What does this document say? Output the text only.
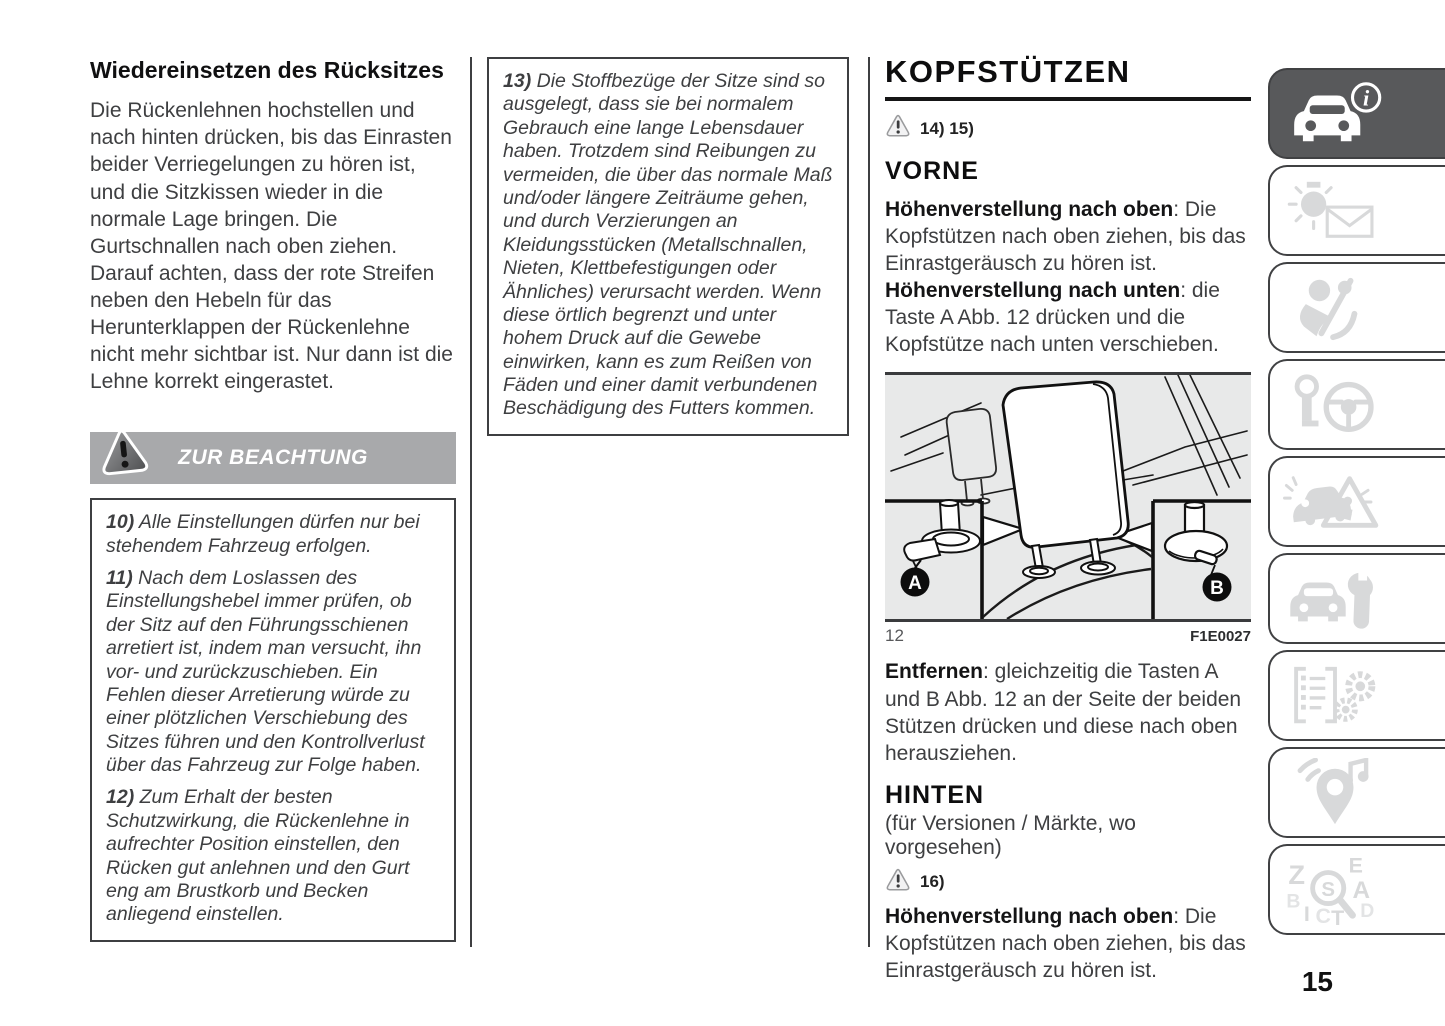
Wiedereinsetzen des Rücksitzes

Die Rückenlehnen hochstellen und nach hinten drücken, bis das Einrasten beider Verriegelungen zu hören ist, und die Sitzkissen wieder in die normale Lage bringen. Die Gurtschnallen nach oben ziehen. Darauf achten, dass der rote Streifen neben den Hebeln für das Herunterklappen der Rückenlehne nicht mehr sichtbar ist. Nur dann ist die Lehne korrekt eingerastet.

ZUR BEACHTUNG

10) Alle Einstellungen dürfen nur bei stehendem Fahrzeug erfolgen.

11) Nach dem Loslassen des Einstellungshebel immer prüfen, ob der Sitz auf den Führungsschienen arretiert ist, indem man versucht, ihn vor- und zurückzuschieben. Ein Fehlen dieser Arretierung würde zu einer plötzlichen Verschiebung des Sitzes führen und den Kontrollverlust über das Fahrzeug zur Folge haben.

12) Zum Erhalt der besten Schutzwirkung, die Rückenlehne in aufrechter Position einstellen, den Rücken gut anlehnen und den Gurt eng am Brustkorb und Becken anliegend einstellen.

13) Die Stoffbezüge der Sitze sind so ausgelegt, dass sie bei normalem Gebrauch eine lange Lebensdauer haben. Trotzdem sind Reibungen zu vermeiden, die über das normale Maß und/oder längere Zeiträume gehen, und durch Verzierungen an Kleidungsstücken (Metallschnallen, Nieten, Klettbefestigungen oder Ähnliches) verursacht werden. Wenn diese örtlich begrenzt und unter hohem Druck auf die Gewebe einwirken, kann es zum Reißen von Fäden und einer damit verbundenen Beschädigung des Futters kommen.

KOPFSTÜTZEN
14) 15)
VORNE

Höhenverstellung nach oben: Die Kopfstützen nach oben ziehen, bis das Einrastgeräusch zu hören ist.

Höhenverstellung nach unten: die Taste A Abb. 12 drücken und die Kopfstütze nach unten verschieben.

A	B
12	F1E0027

Entfernen: gleichzeitig die Tasten A und B Abb. 12 an der Seite der beiden Stützen drücken und diese nach oben herausziehen.

HINTEN

(für Versionen / Märkte, wo vorgesehen)

16)

Höhenverstellung nach oben: Die Kopfstützen nach oben ziehen, bis das Einrastgeräusch zu hören ist.

i
Z E
B A
I C T D
S
15
